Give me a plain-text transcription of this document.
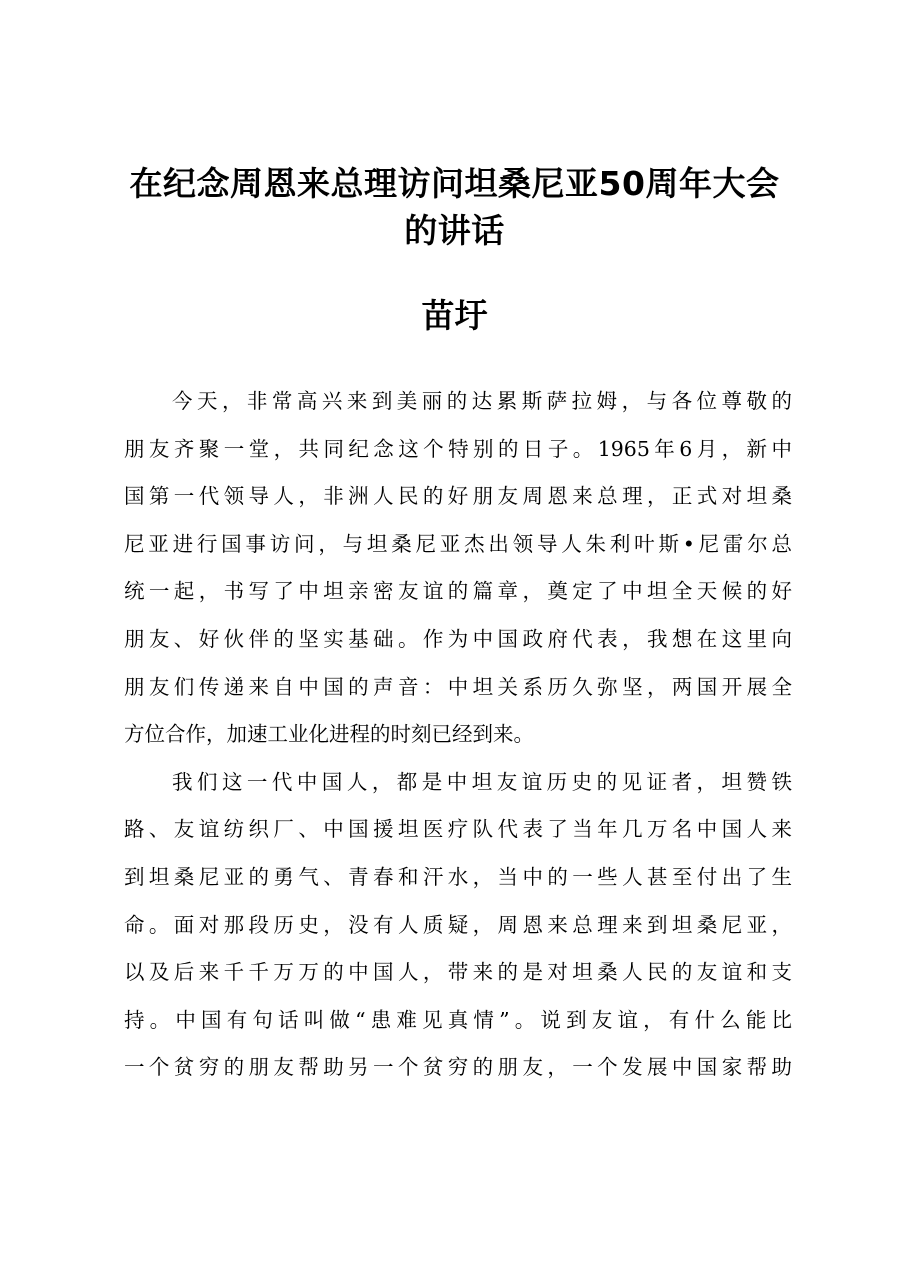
在纪念周恩来总理访问坦桑尼亚50周年大会
的讲话
苗圩
今天，非常高兴来到美丽的达累斯萨拉姆，与各位尊敬的
朋友齐聚一堂，共同纪念这个特别的日子。1965年6月，新中
国第一代领导人，非洲人民的好朋友周恩来总理，正式对坦桑
尼亚进行国事访问，与坦桑尼亚杰出领导人朱利叶斯•尼雷尔总
统一起，书写了中坦亲密友谊的篇章，奠定了中坦全天候的好
朋友、好伙伴的坚实基础。作为中国政府代表，我想在这里向
朋友们传递来自中国的声音：中坦关系历久弥坚，两国开展全
方位合作，加速工业化进程的时刻已经到来。
我们这一代中国人，都是中坦友谊历史的见证者，坦赞铁
路、友谊纺织厂、中国援坦医疗队代表了当年几万名中国人来
到坦桑尼亚的勇气、青春和汗水，当中的一些人甚至付出了生
命。面对那段历史，没有人质疑，周恩来总理来到坦桑尼亚，
以及后来千千万万的中国人，带来的是对坦桑人民的友谊和支
持。中国有句话叫做“患难见真情”。说到友谊，有什么能比
一个贫穷的朋友帮助另一个贫穷的朋友，一个发展中国家帮助
